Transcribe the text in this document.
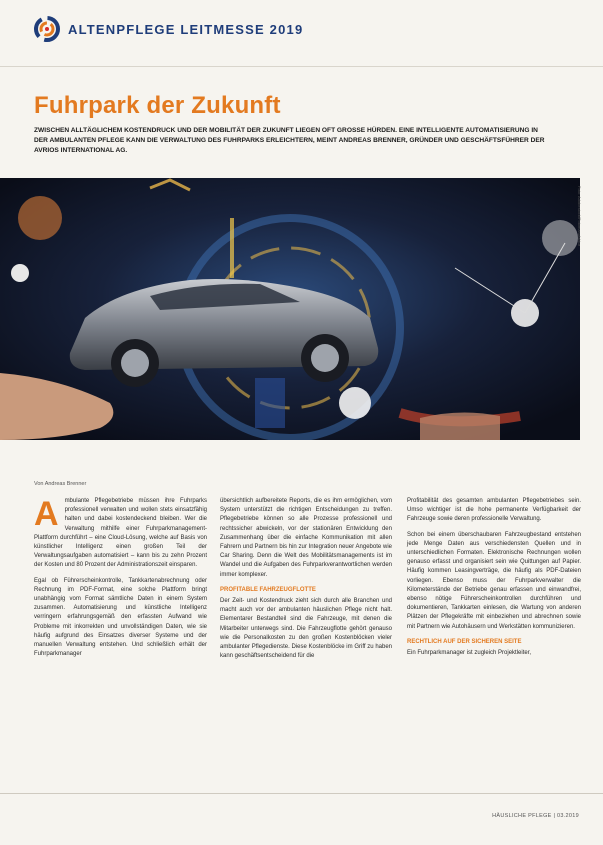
ALTENPFLEGE LEITMESSE 2019
Fuhrpark der Zukunft
ZWISCHEN ALLTÄGLICHEM KOSTENDRUCK UND DER MOBILITÄT DER ZUKUNFT LIEGEN OFT GROSSE HÜRDEN. EINE INTELLIGENTE AUTOMATISIERUNG IN DER AMBULANTEN PFLEGE KANN DIE VERWALTUNG DES FUHRPARKS ERLEICHTERN, MEINT ANDREAS BRENNER, GRÜNDER UND GESCHÄFTSFÜHRER DER AVRIOS INTERNATIONAL AG.
Foto: Adobestock/Fotomanufaktur
Von Andreas Brenner
A	mbulante Pflegebetriebe müssen ihre Fuhrparks professionell verwalten und wollen stets einsatzfähig halten und dabei kostendeckend bleiben. Wer die Verwaltung mithilfe einer Fuhrparkmanagement-Plattform durchführt – eine Cloud-Lösung, welche auf Basis von künstlicher Intelligenz einen großen Teil der Verwaltungsaufgaben automatisiert – kann bis zu zehn Prozent der Kosten und 80 Prozent der Administrationszeit einsparen.

Egal ob Führerscheinkontrolle, Tankkartenabrechnung oder Rechnung im PDF-Format, eine solche Plattform bringt unabhängig vom Format sämtliche Daten in einem System zusammen. Automatisierung und künstliche Intelligenz verringern erfahrungsgemäß den erfassten Aufwand wie Probleme mit inkorrekten und unvollständigen Daten, wie sie häufig aufgrund des Einsatzes diverser Systeme und der manuellen Verwaltung entstehen. Und schließlich erhält der Fuhrparkmanager

übersichtlich aufbereitete Reports, die es ihm ermöglichen, vom System unterstützt die richtigen Entscheidungen zu treffen. Pflegebetriebe können so alle Prozesse professionell und rechtssicher abwickeln, vor der stationären Entwicklung den Zusammenhang über die einfache Kommunikation mit allen Fahrern und Partnern bis hin zur Integration neuer Angebote wie Car Sharing. Denn die Welt des Mobilitätsmanagements ist im Wandel und die Aufgaben des Fuhrparkverantwortlichen werden immer komplexer.

PROFITABLE FAHRZEUGFLOTTE

Der Zeit- und Kostendruck zieht sich durch alle Branchen und macht auch vor der ambulanten häuslichen Pflege nicht halt. Elementarer Bestandteil sind die Fahrzeuge, mit denen die Mitarbeiter unterwegs sind. Die Fahrzeugflotte gehört genauso wie die Personalkosten zu den großen Kostenblöcken vieler ambulanter Pflegedienste. Diese Kostenblöcke im Griff zu haben kann geschäftsentscheidend für die

Profitabilität des gesamten ambulanten Pflegebetriebes sein. Umso wichtiger ist die hohe permanente Verfügbarkeit der Fahrzeuge sowie deren professionelle Verwaltung.

Schon bei einem überschaubaren Fahrzeugbestand entstehen jede Menge Daten aus verschiedensten Quellen und in unterschiedlichen Formaten. Elektronische Rechnungen wollen genauso erfasst und organisiert sein wie Quittungen auf Papier. Häufig kommen Leasingverträge, die häufig als PDF-Dateien vorliegen. Ebenso muss der Fuhrparkverwalter die Kilometerstände der Betriebe genau erfassen und einwandfrei, ebenso nötige Führerscheinkontrollen durchführen und dokumentieren, Tankkarten einlesen, die Wartung von anderen Plätzen der Pflegekräfte mit einbeziehen und abrechnen sowie mit Partnern wie Autohäusern und Werkstätten kommunizieren.

RECHTLICH AUF DER SICHEREN SEITE

Ein Fuhrparkmanager ist zugleich Projektleiter,

HÄUSLICHE PFLEGE | 03.2019
